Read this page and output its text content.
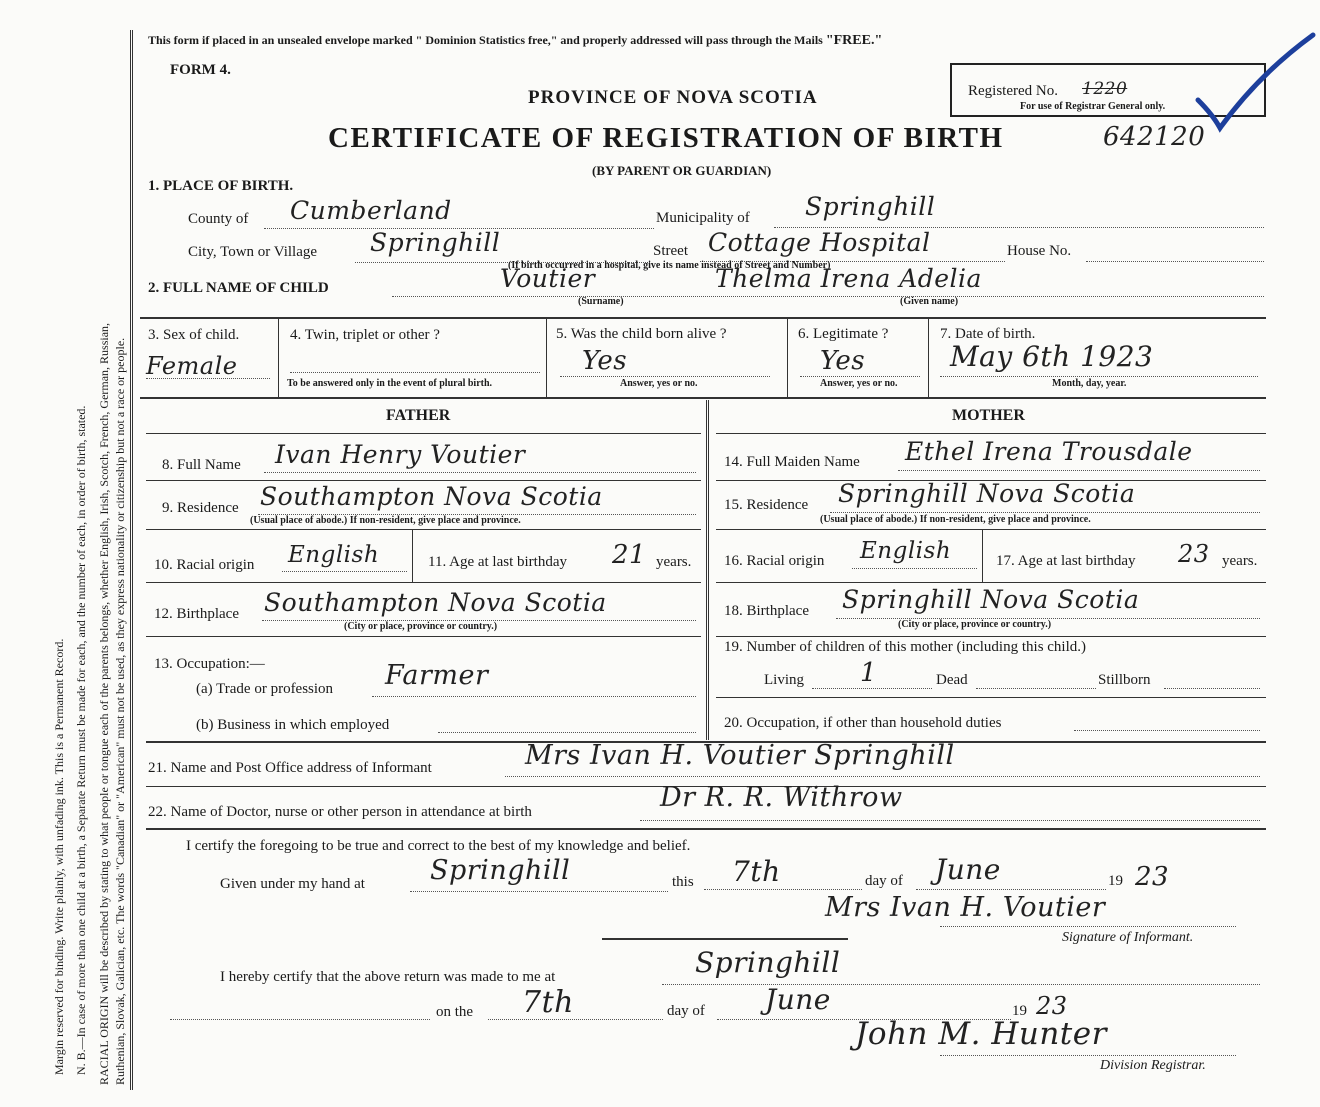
Margin reserved for binding. Write plainly, with unfading ink. This is a Permanent Record. N. B.—In case of more than one child at a birth, a Separate Return must be made for each, and the number of each, in order of birth, stated. RACIAL ORIGIN will be described by stating to what people or tongue each of the parents belongs, whether English, Irish, Scotch, French, German, Russian, Ruthenian, Slovak, Galician, etc. The words "Canadian" or "American" must not be used, as they express nationality or citizenship but not a race or people.
This form if placed in an unsealed envelope marked " Dominion Statistics free," and properly addressed will pass through the Mails "FREE."
FORM 4.
Registered No. 1220
For use of Registrar General only.
PROVINCE OF NOVA SCOTIA
CERTIFICATE OF REGISTRATION OF BIRTH	642120
(BY PARENT OR GUARDIAN)
1. PLACE OF BIRTH.
County of Cumberland	Municipality of Springhill
City, Town or Village Springhill	Street Cottage Hospital	House No.
(If birth occurred in a hospital, give its name instead of Street and Number)
2. FULL NAME OF CHILD	Voutier	Thelma Irena Adelia
(Surname)	(Given name)
3. Sex of child.
Female
4. Twin, triplet or other ?
To be answered only in the event of plural birth.
5. Was the child born alive ?
Yes
Answer, yes or no.
6. Legitimate ?
Yes
Answer, yes or no.
7. Date of birth.
May 6th 1923
Month, day, year.
FATHER	MOTHER
8. Full Name Ivan Henry Voutier
9. Residence Southampton Nova Scotia
(Usual place of abode.) If non-resident, give place and province.
10. Racial origin English	11. Age at last birthday 21 years.
12. Birthplace Southampton Nova Scotia
(City or place, province or country.)
13. Occupation:—
(a) Trade or profession Farmer
(b) Business in which employed
14. Full Maiden Name Ethel Irena Trousdale
15. Residence Springhill Nova Scotia
(Usual place of abode.) If non-resident, give place and province.
16. Racial origin English	17. Age at last birthday 23 years.
18. Birthplace Springhill Nova Scotia
(City or place, province or country.)
19. Number of children of this mother (including this child.)
Living 1	Dead	Stillborn
20. Occupation, if other than household duties
21. Name and Post Office address of Informant	Mrs Ivan H. Voutier Springhill
22. Name of Doctor, nurse or other person in attendance at birth	Dr R. R. Withrow
I certify the foregoing to be true and correct to the best of my knowledge and belief.
Given under my hand at Springhill	this 7th	day of June	19 23
Mrs Ivan H. Voutier
Signature of Informant.
I hereby certify that the above return was made to me at	Springhill
on the 7th	day of June	19 23
John M. Hunter
Division Registrar.
